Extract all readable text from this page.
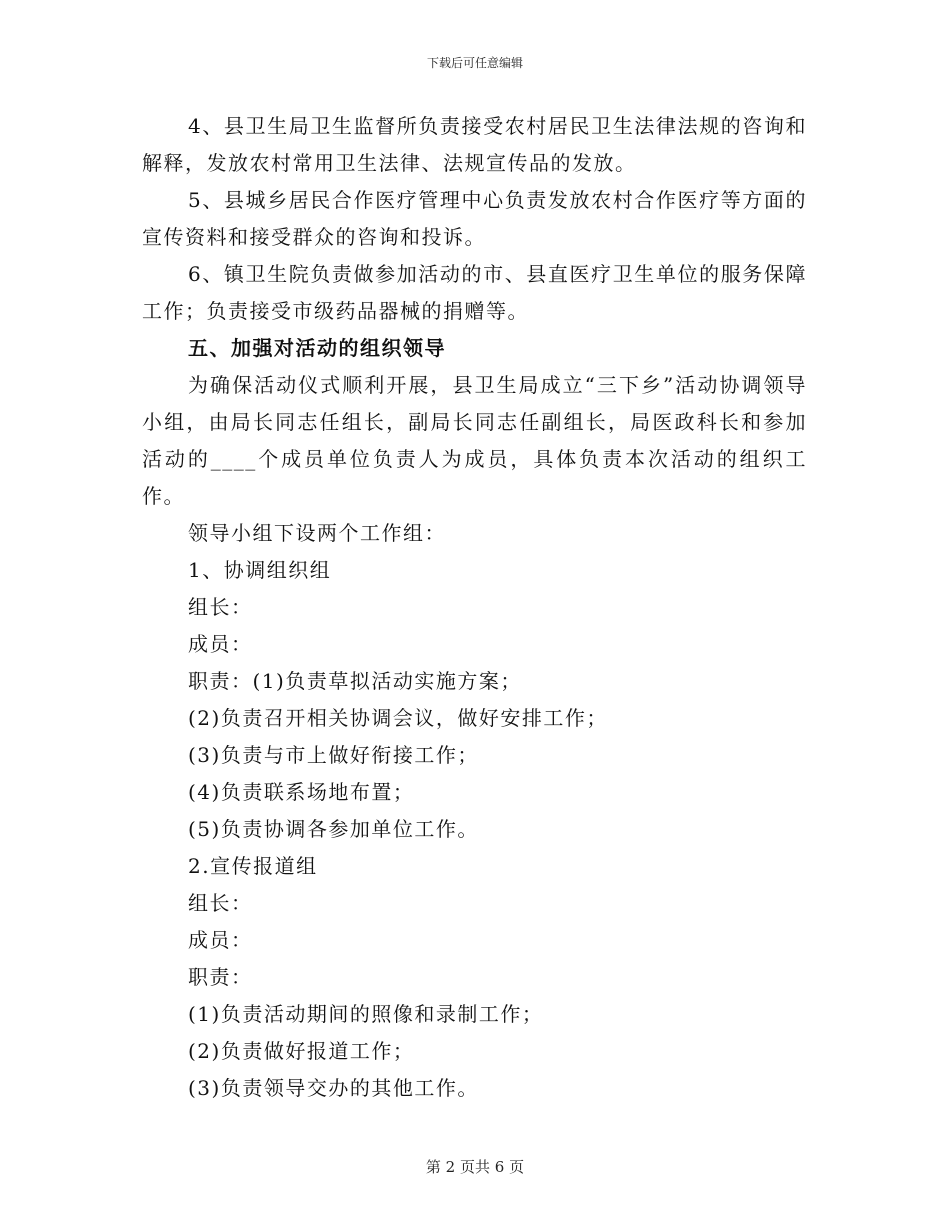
下载后可任意编辑

4、县卫生局卫生监督所负责接受农村居民卫生法律法规的咨询和解释，发放农村常用卫生法律、法规宣传品的发放。

5、县城乡居民合作医疗管理中心负责发放农村合作医疗等方面的宣传资料和接受群众的咨询和投诉。

6、镇卫生院负责做参加活动的市、县直医疗卫生单位的服务保障工作；负责接受市级药品器械的捐赠等。

五、加强对活动的组织领导

为确保活动仪式顺利开展，县卫生局成立“三下乡”活动协调领导小组，由局长同志任组长，副局长同志任副组长，局医政科长和参加活动的____个成员单位负责人为成员，具体负责本次活动的组织工作。

领导小组下设两个工作组：

1、协调组织组

组长：

成员：

职责：(1)负责草拟活动实施方案；

(2)负责召开相关协调会议，做好安排工作；

(3)负责与市上做好衔接工作；

(4)负责联系场地布置；

(5)负责协调各参加单位工作。

2.宣传报道组

组长：

成员：

职责：

(1)负责活动期间的照像和录制工作；

(2)负责做好报道工作；

(3)负责领导交办的其他工作。

第 2 页共 6 页
